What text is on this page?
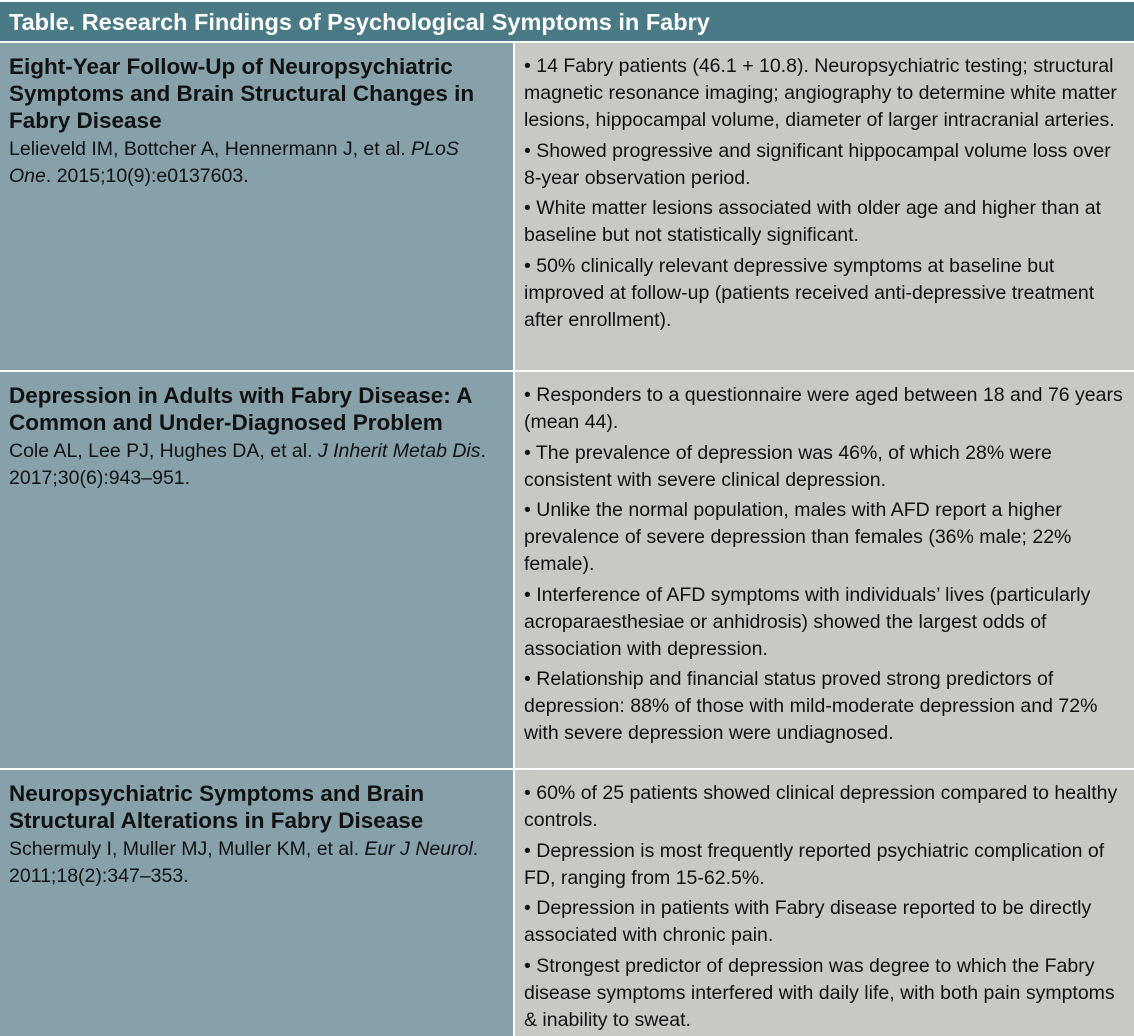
Table. Research Findings of Psychological Symptoms in Fabry
Eight-Year Follow-Up of Neuropsychiatric Symptoms and Brain Structural Changes in Fabry Disease
Lelieveld IM, Bottcher A, Hennermann J, et al. PLoS One. 2015;10(9):e0137603.
• 14 Fabry patients (46.1 + 10.8). Neuropsychiatric testing; structural magnetic resonance imaging; angiography to determine white matter lesions, hippocampal volume, diameter of larger intracranial arteries.
• Showed progressive and significant hippocampal volume loss over 8-year observation period.
• White matter lesions associated with older age and higher than at baseline but not statistically significant.
• 50% clinically relevant depressive symptoms at baseline but improved at follow-up (patients received anti-depressive treatment after enrollment).
Depression in Adults with Fabry Disease: A Common and Under-Diagnosed Problem
Cole AL, Lee PJ, Hughes DA, et al. J Inherit Metab Dis. 2017;30(6):943–951.
• Responders to a questionnaire were aged between 18 and 76 years (mean 44).
• The prevalence of depression was 46%, of which 28% were consistent with severe clinical depression.
• Unlike the normal population, males with AFD report a higher prevalence of severe depression than females (36% male; 22% female).
• Interference of AFD symptoms with individuals’ lives (particularly acroparaesthesiae or anhidrosis) showed the largest odds of association with depression.
• Relationship and financial status proved strong predictors of depression: 88% of those with mild-moderate depression and 72% with severe depression were undiagnosed.
Neuropsychiatric Symptoms and Brain Structural Alterations in Fabry Disease
Schermuly I, Muller MJ, Muller KM, et al. Eur J Neurol. 2011;18(2):347–353.
• 60% of 25 patients showed clinical depression compared to healthy controls.
• Depression is most frequently reported psychiatric complication of FD, ranging from 15-62.5%.
• Depression in patients with Fabry disease reported to be directly associated with chronic pain.
• Strongest predictor of depression was degree to which the Fabry disease symptoms interfered with daily life, with both pain symptoms & inability to sweat.
